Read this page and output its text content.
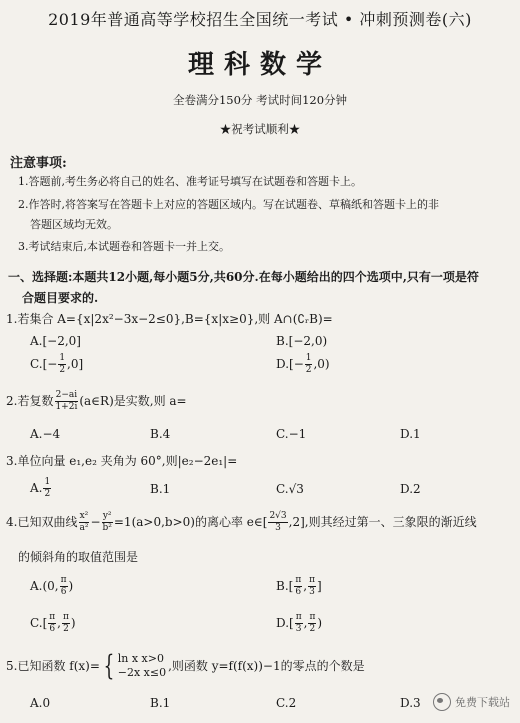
2019年普通高等学校招生全国统一考试 • 冲刺预测卷(六)
理科数学
全卷满分150分 考试时间120分钟
★祝考试顺利★
注意事项:
1.答题前,考生务必将自己的姓名、准考证号填写在试题卷和答题卡上。
2.作答时,将答案写在答题卡上对应的答题区域内。写在试题卷、草稿纸和答题卡上的非
答题区域均无效。
3.考试结束后,本试题卷和答题卡一并上交。
一、选择题:本题共12小题,每小题5分,共60分.在每小题给出的四个选项中,只有一项是符
合题目要求的.
1.若集合 A={x|2x²−3x−2≤0},B={x|x≥0},则 A∩(∁ᵣB)=
A.[−2,0]	B.[−2,0)
$C.[- \frac{1}{2} ,0]$	$D.[- \frac{1}{2} ,0)$
2.若复数 $\frac{2-ai}{1+2i}$ (a∈R)是实数,则 a=
A.−4	B.4	C.−1	D.1
3.单位向量 e₁,e₂ 夹角为 60°,则|e₂−2e₁|=
A. $\frac{1}{2}$	B.1	C.√3	D.2
4.已知双曲线 $\frac{\text{x²}}{\text{a²}} - \frac{\text{y²}}{\text{b²}} =1(a>0,b>0)$的离心率 e∈[ $\frac{2√3}{3} ,2$],则其经过第一、三象限的渐近线
的倾斜角的取值范围是
A.(0, $\frac{\pi}{6}$ )	$B.[ \frac{\pi}{6}$ , $\frac{\pi}{3}$ ]
$C.[ \frac{\pi}{6}$ , $\frac{\pi}{2}$ )	$D.[ \frac{\pi}{3}$ , $\frac{\pi}{2}$ )
5.已知函数 f(x)= { ln x x>0
−2x x≤0 ,则函数 y=f(f(x))−1的零点的个数是
A.0	B.1	C.2	D.3	免费下载站
